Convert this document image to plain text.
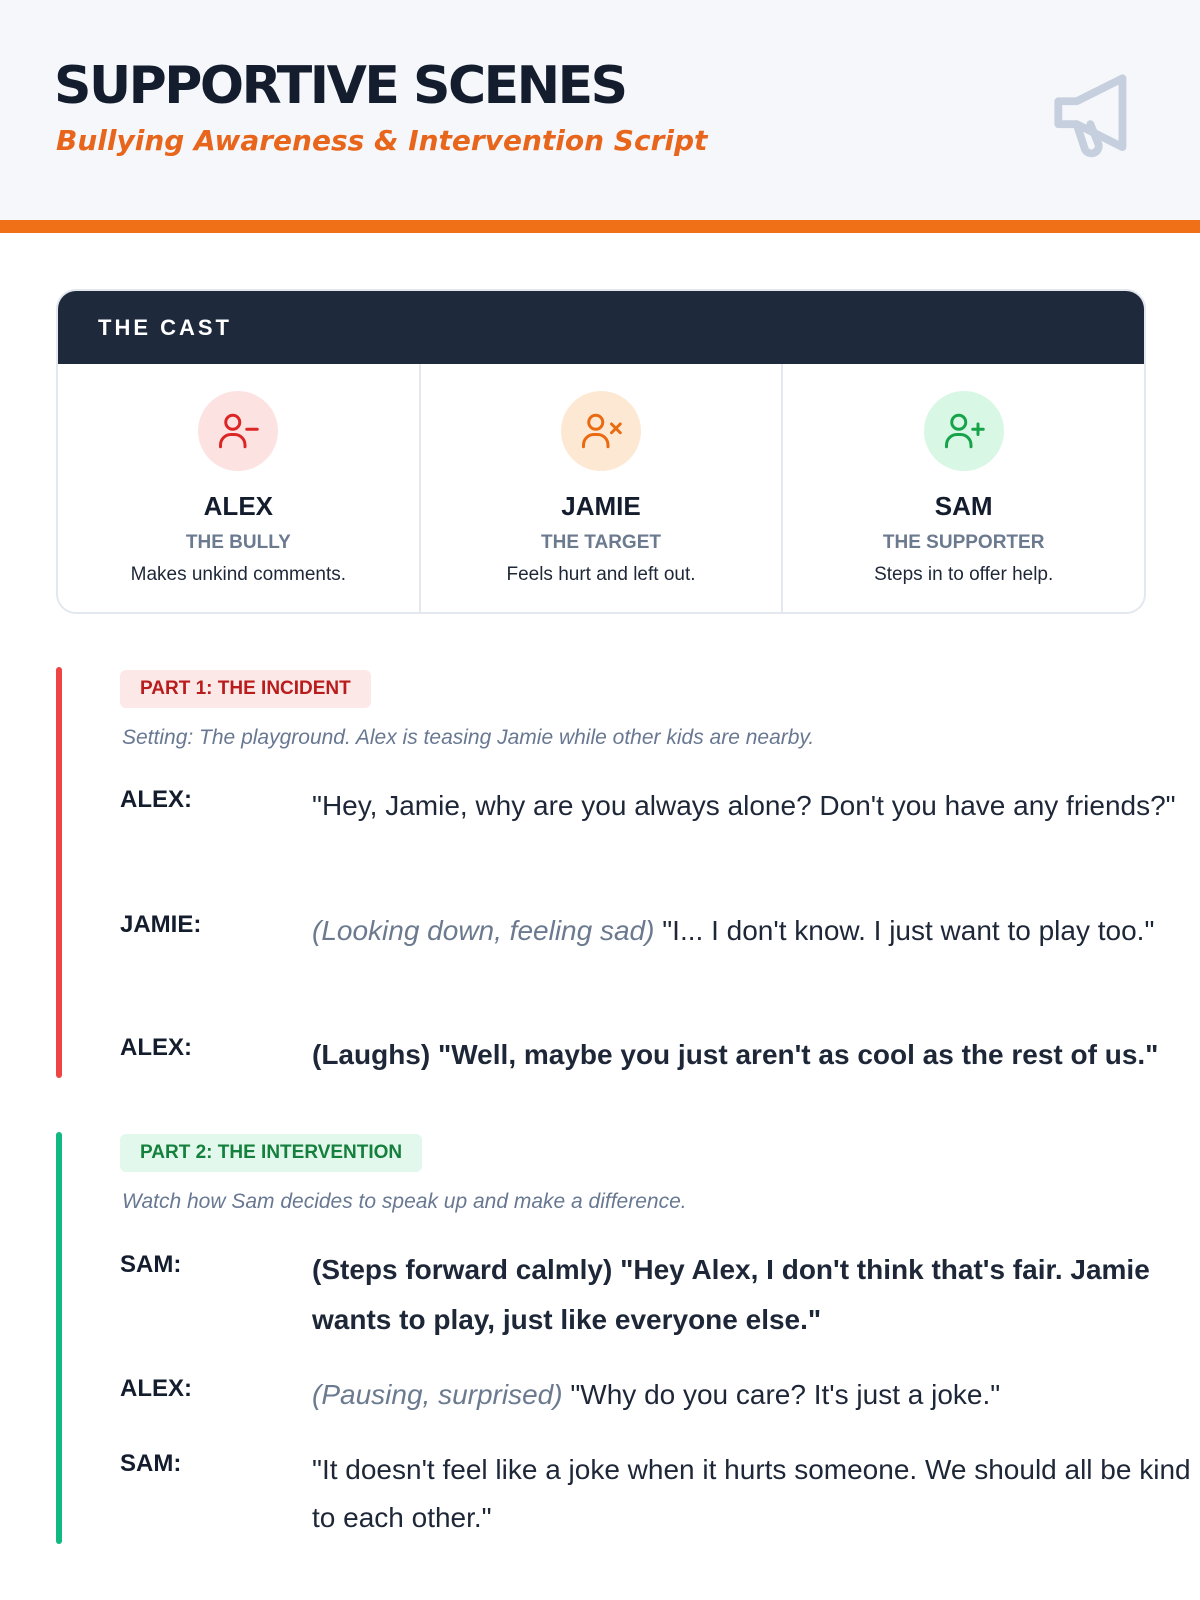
SUPPORTIVE SCENES
Bullying Awareness & Intervention Script
THE CAST
ALEX
THE BULLY
Makes unkind comments.
JAMIE
THE TARGET
Feels hurt and left out.
SAM
THE SUPPORTER
Steps in to offer help.
PART 1: THE INCIDENT
Setting: The playground. Alex is teasing Jamie while other kids are nearby.
ALEX:	"Hey, Jamie, why are you always alone? Don't you have any friends?"
JAMIE:	(Looking down, feeling sad) "I... I don't know. I just want to play too."
ALEX:	(Laughs) "Well, maybe you just aren't as cool as the rest of us."
PART 2: THE INTERVENTION
Watch how Sam decides to speak up and make a difference.
SAM:	(Steps forward calmly) "Hey Alex, I don't think that's fair. Jamie wants to play, just like everyone else."
ALEX:	(Pausing, surprised) "Why do you care? It's just a joke."
SAM:	"It doesn't feel like a joke when it hurts someone. We should all be kind to each other."
